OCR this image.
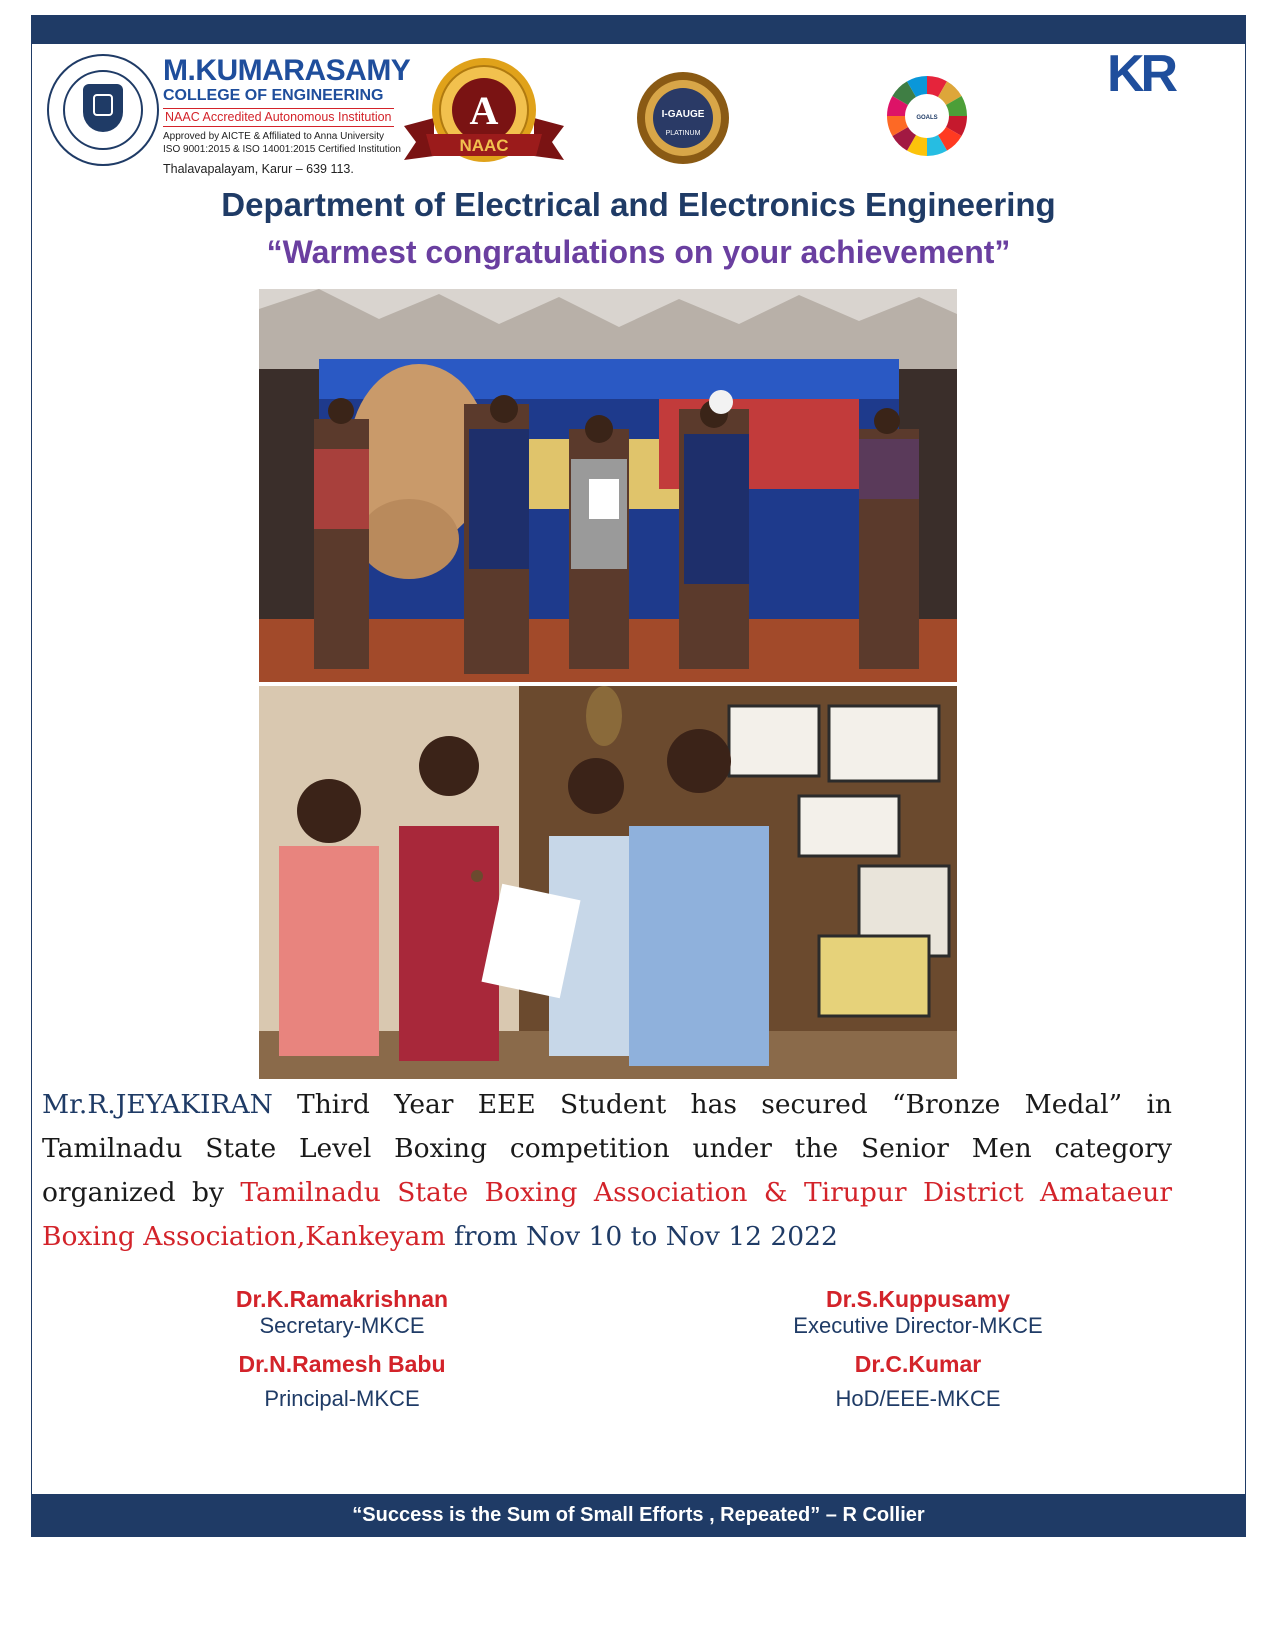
M.KUMARASAMY
COLLEGE OF ENGINEERING
NAAC Accredited Autonomous Institution
Approved by AICTE & Affiliated to Anna University
ISO 9001:2015 & ISO 14001:2015 Certified Institution
Thalavapalayam, Karur – 639 113.
A
NAAC
I-GAUGE
PLATINUM
GOALS
KR
Department of Electrical and Electronics Engineering
“Warmest congratulations on your achievement”
Mr.R.JEYAKIRAN Third Year EEE Student has secured “Bronze Medal” in Tamilnadu State Level Boxing competition under the Senior Men category organized by Tamilnadu State Boxing Association & Tirupur District Amataeur Boxing Association,Kankeyam from Nov 10 to Nov 12 2022
Dr.K.Ramakrishnan
Secretary-MKCE
Dr.N.Ramesh Babu
Principal-MKCE
Dr.S.Kuppusamy
Executive Director-MKCE
Dr.C.Kumar
HoD/EEE-MKCE
“Success is the Sum of Small Efforts , Repeated” – R Collier
